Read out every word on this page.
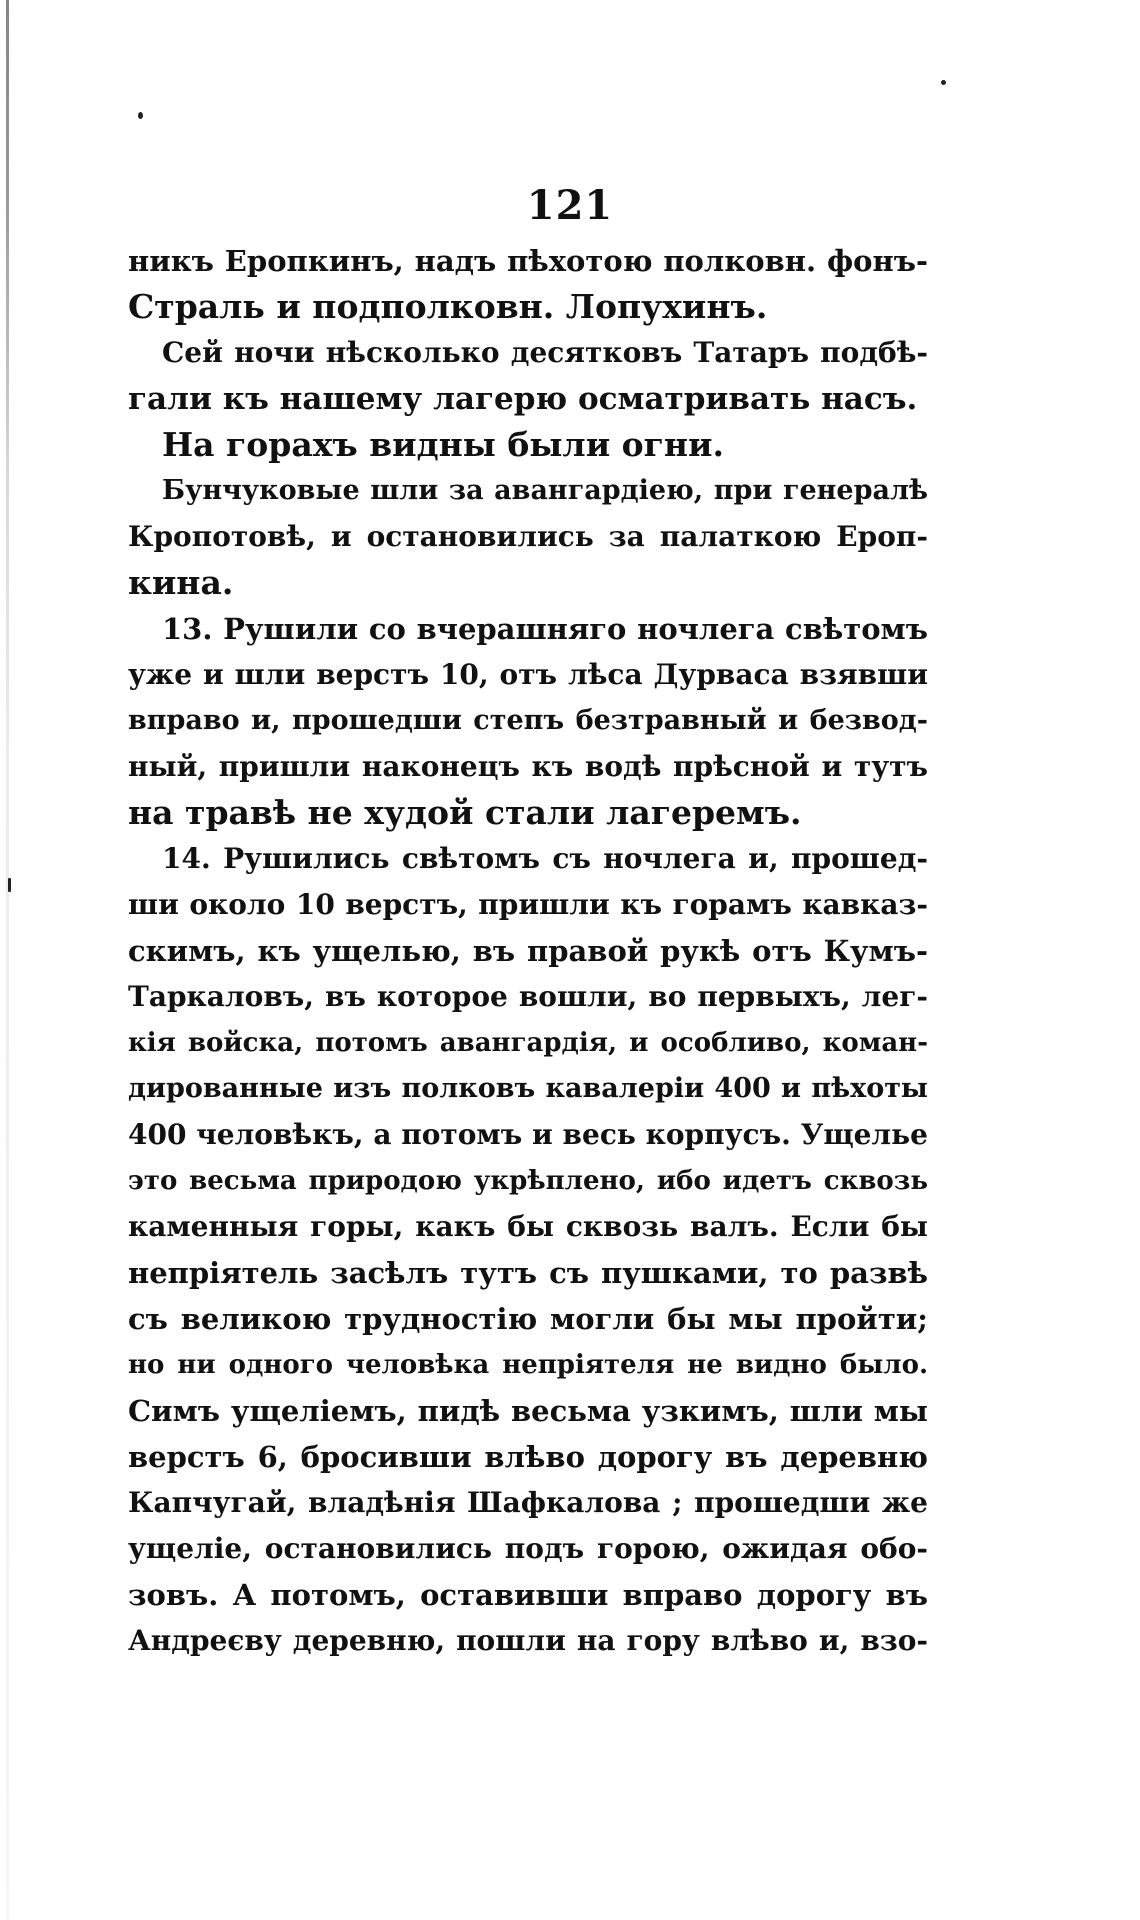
121
никъ Еропкинъ, надъ пѣхотою полковн. фонъ-
Страль и подполковн. Лопухинъ.
Сей ночи нѣсколько десятковъ Татаръ подбѣ-
гали къ нашему лагерю осматривать насъ.
На горахъ видны были огни.
Бунчуковые шли за авангардіею, при генералѣ
Кропотовѣ, и остановились за палаткою Ероп-
кина.
13. Рушили со вчерашняго ночлега свѣтомъ
уже и шли верстъ 10, отъ лѣса Дурваса взявши
вправо и, прошедши степъ безтравный и безвод-
ный, пришли наконецъ къ водѣ прѣсной и тутъ
на травѣ не худой стали лагеремъ.
14. Рушились свѣтомъ съ ночлега и, прошед-
ши около 10 верстъ, пришли къ горамъ кавказ-
скимъ, къ ущелью, въ правой рукѣ отъ Кумъ-
Таркаловъ, въ которое вошли, во первыхъ, лег-
кія войска, потомъ авангардія, и особливо, коман-
дированные изъ полковъ кавалеріи 400 и пѣхоты
400 человѣкъ, а потомъ и весь корпусъ. Ущелье
это весьма природою укрѣплено, ибо идетъ сквозь
каменныя горы, какъ бы сквозь валъ. Если бы
непріятель засѣлъ тутъ съ пушками, то развѣ
съ великою трудностію могли бы мы пройти;
но ни одного человѣка непріятеля не видно было.
Симъ ущеліемъ, пидѣ весьма узкимъ, шли мы
верстъ 6, бросивши влѣво дорогу въ деревню
Капчугай, владѣнія Шафкалова ; прошедши же
ущеліе, остановились подъ горою, ожидая обо-
зовъ. А потомъ, оставивши вправо дорогу въ
Андреєву деревню, пошли на гору влѣво и, взо-
